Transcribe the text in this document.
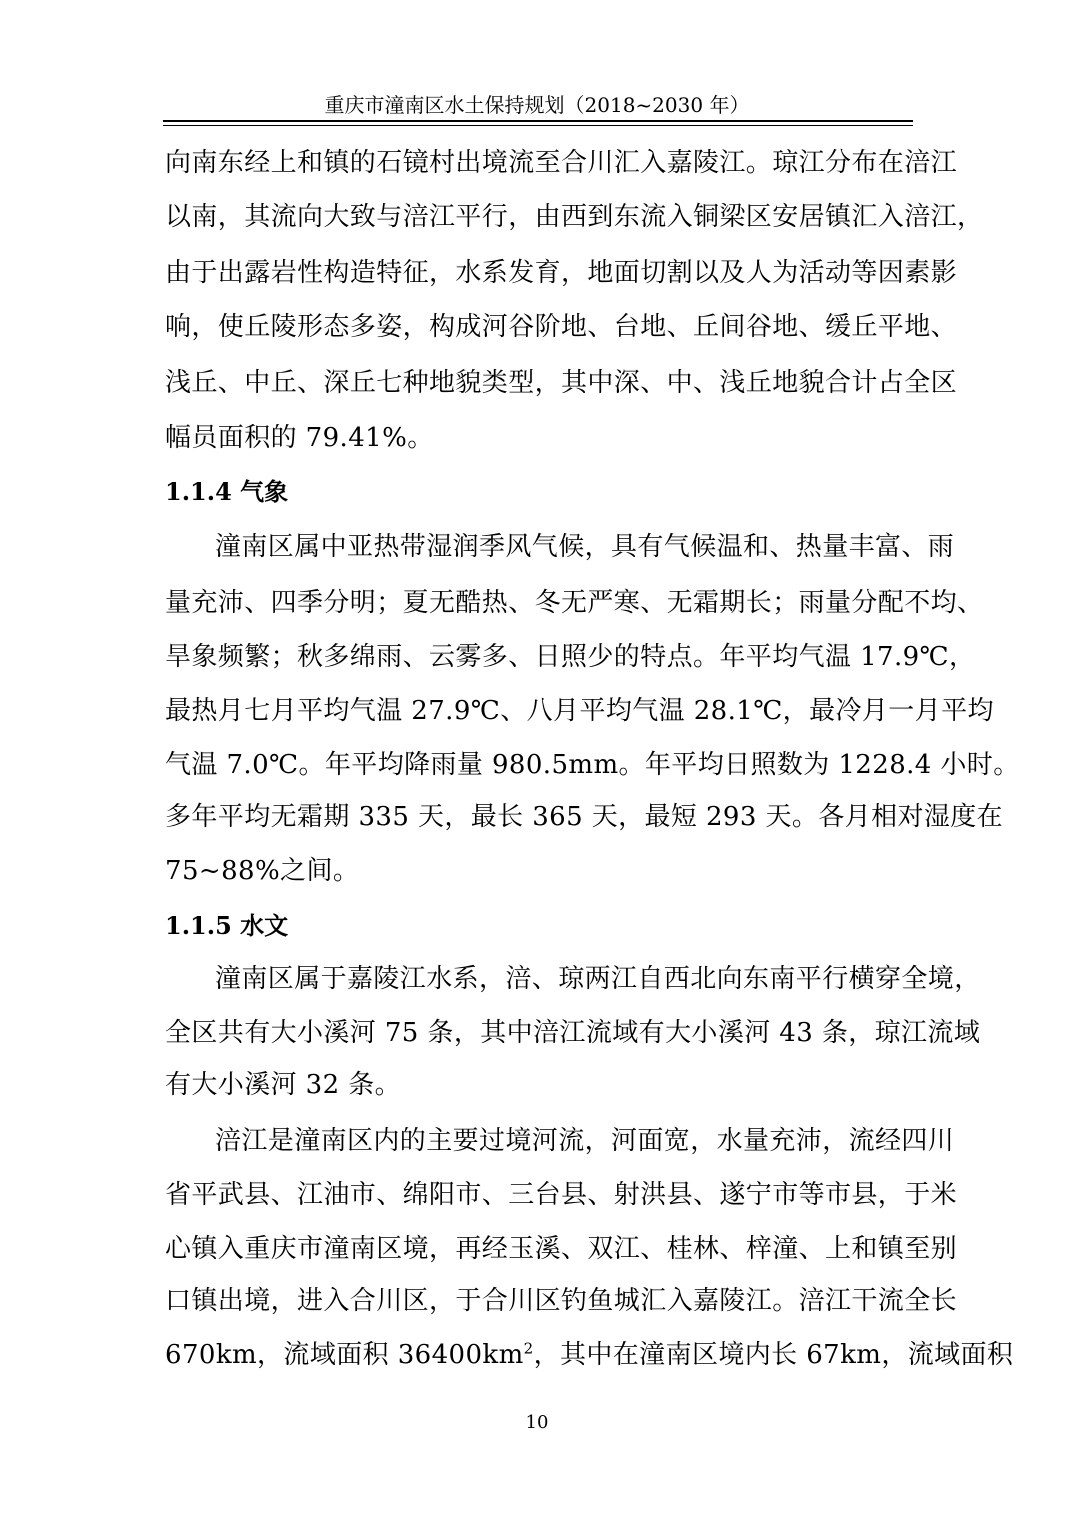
重庆市潼南区水土保持规划（2018~2030 年）
向南东经上和镇的石镜村出境流至合川汇入嘉陵江。琼江分布在涪江
以南，其流向大致与涪江平行，由西到东流入铜梁区安居镇汇入涪江，
由于出露岩性构造特征，水系发育，地面切割以及人为活动等因素影
响，使丘陵形态多姿，构成河谷阶地、台地、丘间谷地、缓丘平地、
浅丘、中丘、深丘七种地貌类型，其中深、中、浅丘地貌合计占全区
幅员面积的 79.41%。
1.1.4 气象
潼南区属中亚热带湿润季风气候，具有气候温和、热量丰富、雨
量充沛、四季分明；夏无酷热、冬无严寒、无霜期长；雨量分配不均、
旱象频繁；秋多绵雨、云雾多、日照少的特点。年平均气温 17.9℃，
最热月七月平均气温 27.9℃、八月平均气温 28.1℃，最冷月一月平均
气温 7.0℃。年平均降雨量 980.5mm。年平均日照数为 1228.4 小时。
多年平均无霜期 335 天，最长 365 天，最短 293 天。各月相对湿度在
75~88%之间。
1.1.5 水文
潼南区属于嘉陵江水系，涪、琼两江自西北向东南平行横穿全境，
全区共有大小溪河 75 条，其中涪江流域有大小溪河 43 条，琼江流域
有大小溪河 32 条。
涪江是潼南区内的主要过境河流，河面宽，水量充沛，流经四川
省平武县、江油市、绵阳市、三台县、射洪县、遂宁市等市县，于米
心镇入重庆市潼南区境，再经玉溪、双江、桂林、梓潼、上和镇至别
口镇出境，进入合川区，于合川区钓鱼城汇入嘉陵江。涪江干流全长
670km，流域面积 $36400km^2$，其中在潼南区境内长 67km，流域面积
10
